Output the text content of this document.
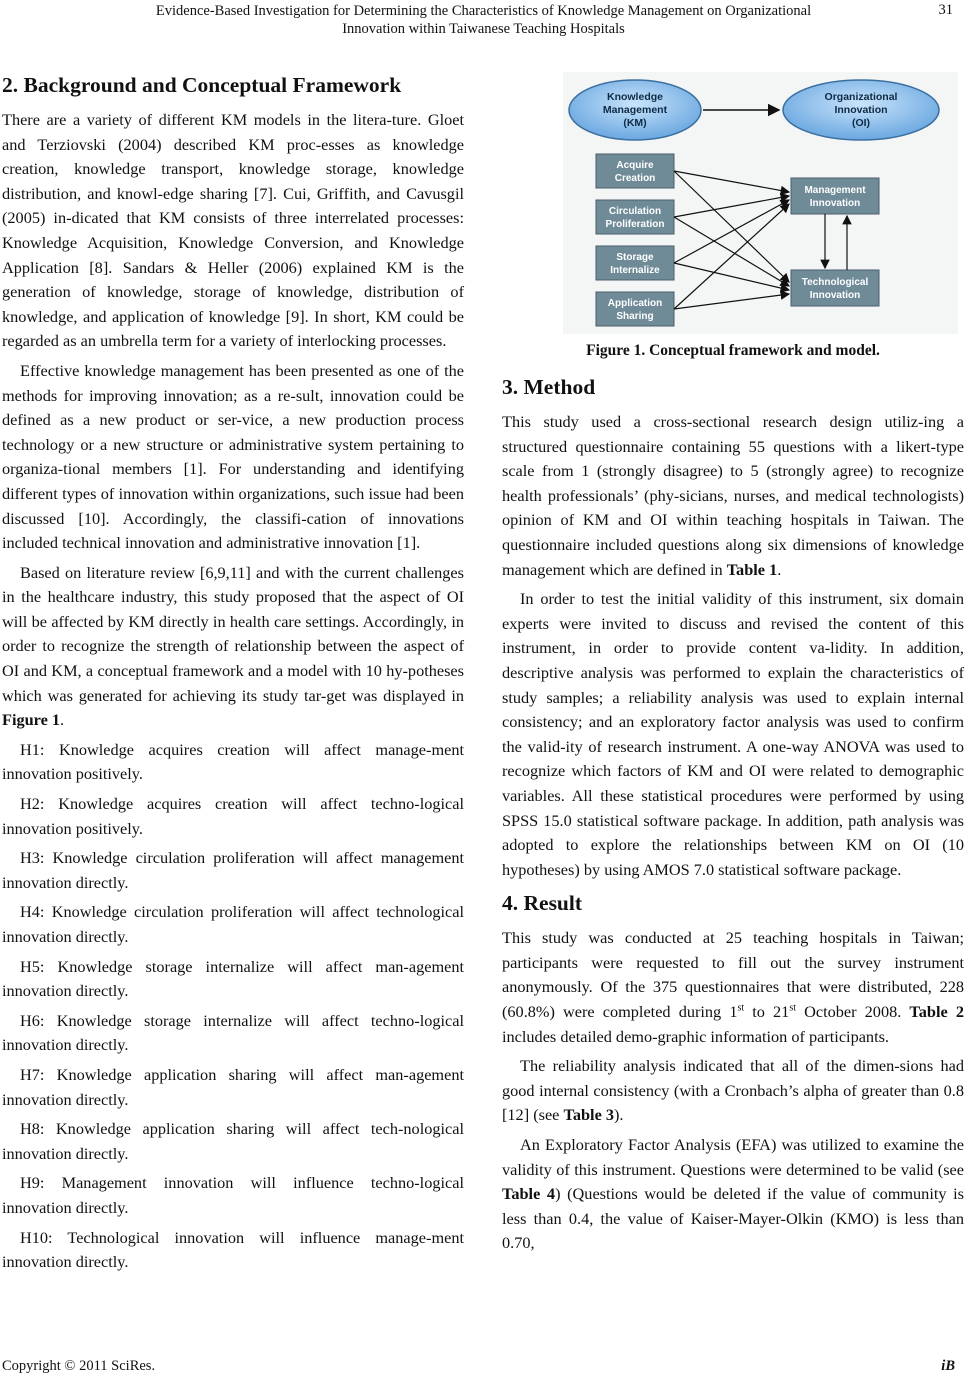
Evidence-Based Investigation for Determining the Characteristics of Knowledge Management on Organizational
Innovation within Taiwanese Teaching Hospitals
31
2. Background and Conceptual Framework

There are a variety of different KM models in the litera-ture. Gloet and Terziovski (2004) described KM proc-esses as knowledge creation, knowledge transport, knowledge storage, knowledge distribution, and knowl-edge sharing [7]. Cui, Griffith, and Cavusgil (2005) in-dicated that KM consists of three interrelated processes: Knowledge Acquisition, Knowledge Conversion, and Knowledge Application [8]. Sandars & Heller (2006) explained KM is the generation of knowledge, storage of knowledge, distribution of knowledge, and application of knowledge [9]. In short, KM could be regarded as an umbrella term for a variety of interlocking processes.

Effective knowledge management has been presented as one of the methods for improving innovation; as a re-sult, innovation could be defined as a new product or ser-vice, a new production process technology or a new structure or administrative system pertaining to organiza-tional members [1]. For understanding and identifying different types of innovation within organizations, such issue had been discussed [10]. Accordingly, the classifi-cation of innovations included technical innovation and administrative innovation [1].

Based on literature review [6,9,11] and with the current challenges in the healthcare industry, this study proposed that the aspect of OI will be affected by KM directly in health care settings. Accordingly, in order to recognize the strength of relationship between the aspect of OI and KM, a conceptual framework and a model with 10 hy-potheses which was generated for achieving its study tar-get was displayed in Figure 1.

H1: Knowledge acquires creation will affect manage-ment innovation positively.

H2: Knowledge acquires creation will affect techno-logical innovation positively.

H3: Knowledge circulation proliferation will affect management innovation directly.

H4: Knowledge circulation proliferation will affect technological innovation directly.

H5: Knowledge storage internalize will affect man-agement innovation directly.

H6: Knowledge storage internalize will affect techno-logical innovation directly.

H7: Knowledge application sharing will affect man-agement innovation directly.

H8: Knowledge application sharing will affect tech-nological innovation directly.

H9: Management innovation will influence techno-logical innovation directly.

H10: Technological innovation will influence manage-ment innovation directly.

Knowledge
Management
(KM)
Organizational
Innovation
(OI)
Acquire
Creation
Circulation
Proliferation
Storage
Internalize
Application
Sharing
Management
Innovation
Technological
Innovation
Figure 1. Conceptual framework and model.
3. Method

This study used a cross-sectional research design utiliz-ing a structured questionnaire containing 55 questions with a likert-type scale from 1 (strongly disagree) to 5 (strongly agree) to recognize health professionals’ (phy-sicians, nurses, and medical technologists) opinion of KM and OI within teaching hospitals in Taiwan. The questionnaire included questions along six dimensions of knowledge management which are defined in Table 1.

In order to test the initial validity of this instrument, six domain experts were invited to discuss and revised the content of this instrument, in order to provide content va-lidity. In addition, descriptive analysis was performed to explain the characteristics of study samples; a reliability analysis was used to explain internal consistency; and an exploratory factor analysis was used to confirm the valid-ity of research instrument. A one-way ANOVA was used to recognize which factors of KM and OI were related to demographic variables. All these statistical procedures were performed by using SPSS 15.0 statistical software package. In addition, path analysis was adopted to explore the relationships between KM on OI (10 hypotheses) by using AMOS 7.0 statistical software package.

4. Result

This study was conducted at 25 teaching hospitals in Taiwan; participants were requested to fill out the survey instrument anonymously. Of the 375 questionnaires that were distributed, 228 (60.8%) were completed during 1st to 21st October 2008. Table 2 includes detailed demo-graphic information of participants.

The reliability analysis indicated that all of the dimen-sions had good internal consistency (with a Cronbach’s alpha of greater than 0.8 [12] (see Table 3).

An Exploratory Factor Analysis (EFA) was utilized to examine the validity of this instrument. Questions were determined to be valid (see Table 4) (Questions would be deleted if the value of community is less than 0.4, the value of Kaiser-Mayer-Olkin (KMO) is less than 0.70,

Copyright © 2011 SciRes.	iB
